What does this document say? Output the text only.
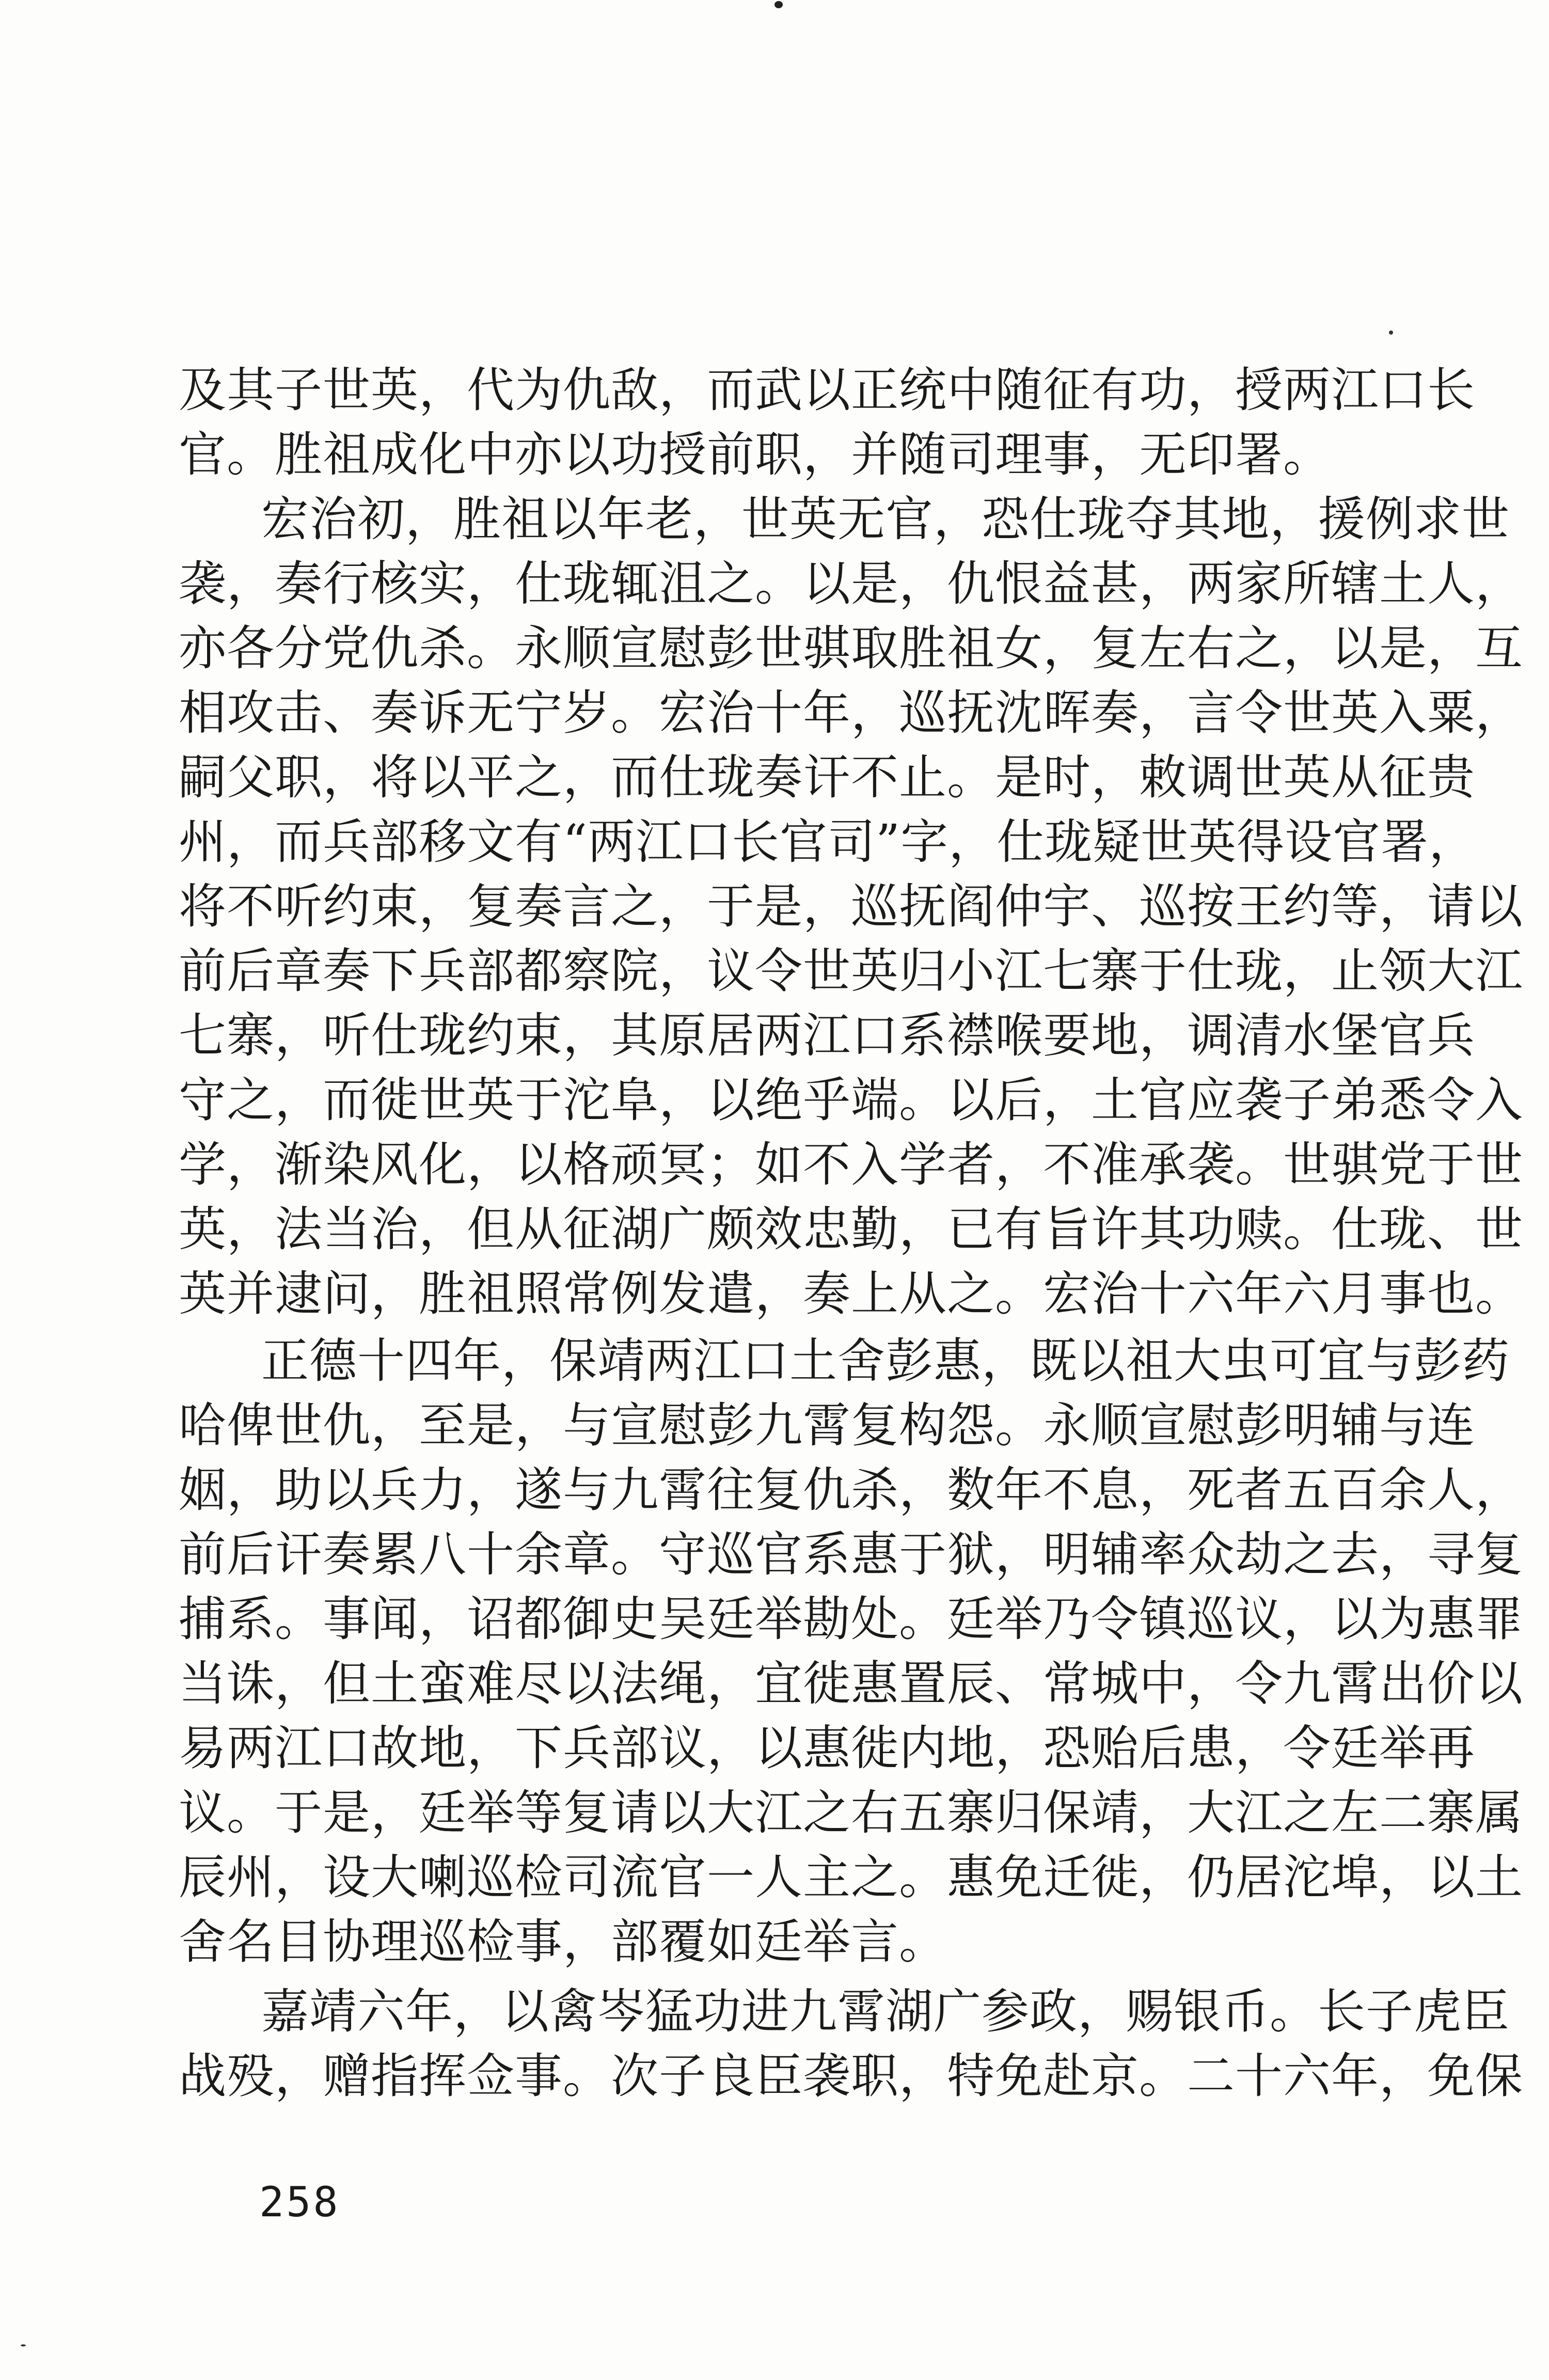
及其子世英，代为仇敌，而武以正统中随征有功，授两江口长
官。胜祖成化中亦以功授前职，并随司理事，无印署。
宏治初，胜祖以年老，世英无官，恐仕珑夺其地，援例求世
袭，奏行核实，仕珑辄沮之。以是，仇恨益甚，两家所辖土人，
亦各分党仇杀。永顺宣慰彭世骐取胜祖女，复左右之，以是，互
相攻击、奏诉无宁岁。宏治十年，巡抚沈晖奏，言令世英入粟，
嗣父职，将以平之，而仕珑奏讦不止。是时，敕调世英从征贵
州，而兵部移文有“两江口长官司”字，仕珑疑世英得设官署，
将不听约束，复奏言之，于是，巡抚阎仲宇、巡按王约等，请以
前后章奏下兵部都察院，议令世英归小江七寨于仕珑，止领大江
七寨，听仕珑约束，其原居两江口系襟喉要地，调清水堡官兵
守之，而徙世英于沱阜，以绝乎端。以后，土官应袭子弟悉令入
学，渐染风化，以格顽冥；如不入学者，不准承袭。世骐党于世
英，法当治，但从征湖广颇效忠勤，已有旨许其功赎。仕珑、世
英并逮问，胜祖照常例发遣，奏上从之。宏治十六年六月事也。
正德十四年，保靖两江口土舍彭惠，既以祖大虫可宜与彭药
哈俾世仇，至是，与宣慰彭九霄复构怨。永顺宣慰彭明辅与连
姻，助以兵力，遂与九霄往复仇杀，数年不息，死者五百余人，
前后讦奏累八十余章。守巡官系惠于狱，明辅率众劫之去，寻复
捕系。事闻，诏都御史吴廷举勘处。廷举乃令镇巡议，以为惠罪
当诛，但土蛮难尽以法绳，宜徙惠置辰、常城中，令九霄出价以
易两江口故地，下兵部议，以惠徙内地，恐贻后患，令廷举再
议。于是，廷举等复请以大江之右五寨归保靖，大江之左二寨属
辰州，设大喇巡检司流官一人主之。惠免迁徙，仍居沱埠，以土
舍名目协理巡检事，部覆如廷举言。
嘉靖六年，以禽岑猛功进九霄湖广参政，赐银币。长子虎臣
战殁，赠指挥佥事。次子良臣袭职，特免赴京。二十六年，免保
258
